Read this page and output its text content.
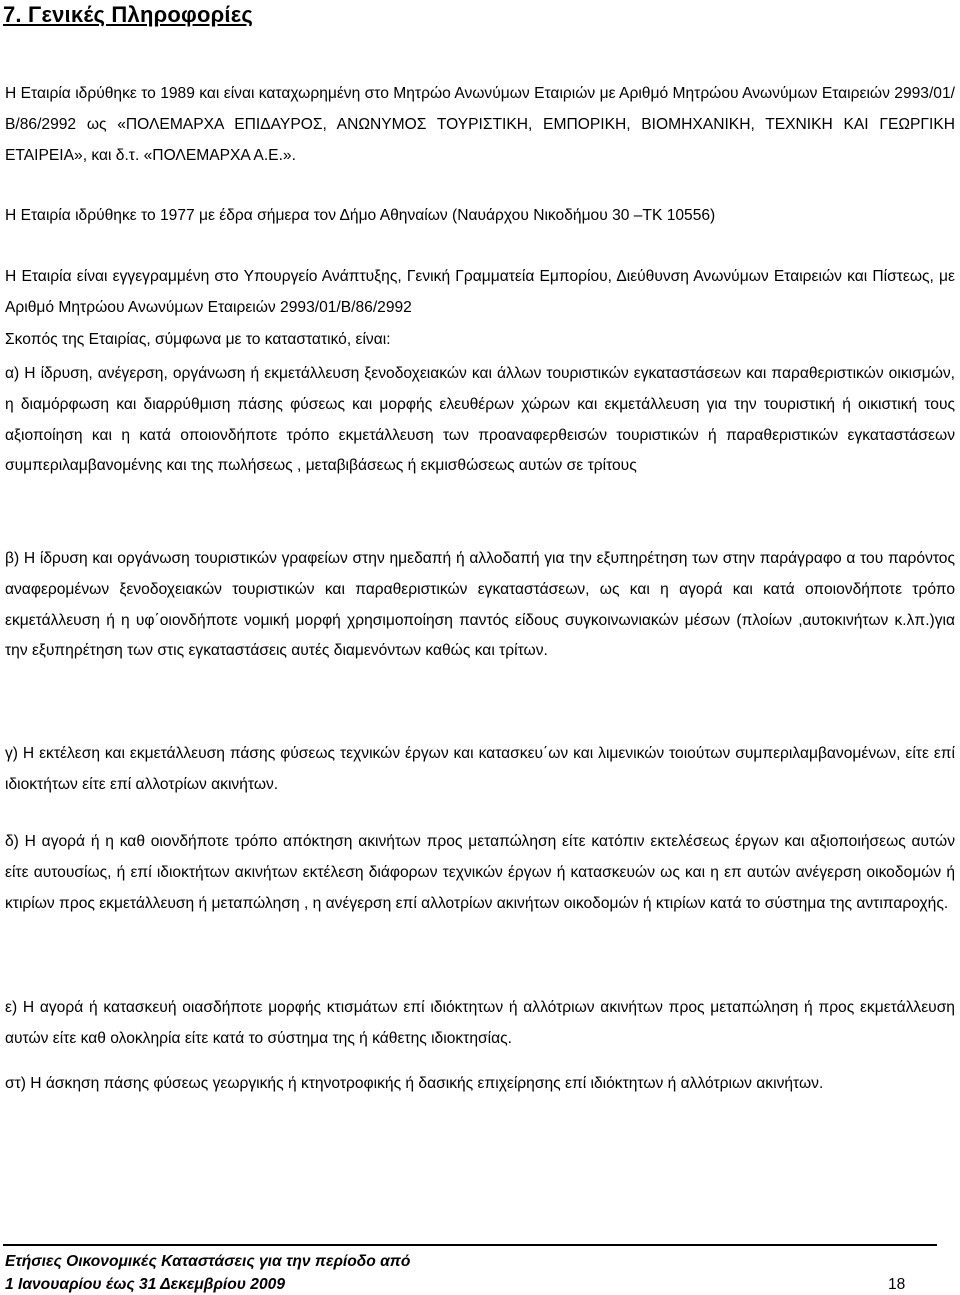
7. Γενικές Πληροφορίες

Η Εταιρία ιδρύθηκε το 1989 και είναι καταχωρημένη στο Μητρώο Ανωνύμων Εταιριών με Αριθμό Μητρώου Ανωνύμων Εταιρειών 2993/01/Β/86/2992 ως «ΠΟΛΕΜΑΡΧΑ ΕΠΙΔΑΥΡΟΣ, ΑΝΩΝΥΜΟΣ ΤΟΥΡΙΣΤΙΚΗ, ΕΜΠΟΡΙΚΗ, ΒΙΟΜΗΧΑΝΙΚΗ, ΤΕΧΝΙΚΗ ΚΑΙ ΓΕΩΡΓΙΚΗ ΕΤΑΙΡΕΙΑ», και δ.τ. «ΠΟΛΕΜΑΡΧΑ Α.Ε.».

Η Εταιρία ιδρύθηκε το 1977 με έδρα σήμερα τον Δήμο Αθηναίων (Ναυάρχου Νικοδήμου 30 –ΤΚ 10556)

Η Εταιρία είναι εγγεγραμμένη στο Υπουργείο Ανάπτυξης, Γενική Γραμματεία Εμπορίου, Διεύθυνση Ανωνύμων Εταιρειών και Πίστεως, με Αριθμό Μητρώου Ανωνύμων Εταιρειών 2993/01/Β/86/2992

Σκοπός της Εταιρίας, σύμφωνα με το καταστατικό, είναι:

α) Η ίδρυση, ανέγερση, οργάνωση ή εκμετάλλευση ξενοδοχειακών και άλλων τουριστικών εγκαταστάσεων και παραθεριστικών οικισμών, η διαμόρφωση και διαρρύθμιση πάσης φύσεως και μορφής ελευθέρων χώρων και εκμετάλλευση για την τουριστική ή οικιστική τους αξιοποίηση και η κατά οποιονδήποτε τρόπο εκμετάλλευση των προαναφερθεισών τουριστικών ή παραθεριστικών εγκαταστάσεων συμπεριλαμβανομένης και της πωλήσεως , μεταβιβάσεως ή εκμισθώσεως αυτών σε τρίτους

β) Η ίδρυση και οργάνωση τουριστικών γραφείων στην ημεδαπή ή αλλοδαπή για την εξυπηρέτηση των στην παράγραφο α του παρόντος αναφερομένων ξενοδοχειακών τουριστικών και παραθεριστικών εγκαταστάσεων, ως και η αγορά και κατά οποιονδήποτε τρόπο εκμετάλλευση ή η υφ΄οιονδήποτε νομική μορφή χρησιμοποίηση παντός είδους συγκοινωνιακών μέσων (πλοίων ,αυτοκινήτων κ.λπ.)για την εξυπηρέτηση των στις εγκαταστάσεις αυτές διαμενόντων καθώς και τρίτων.

γ) Η εκτέλεση και εκμετάλλευση πάσης φύσεως τεχνικών έργων και κατασκευ΄ων και λιμενικών τοιούτων συμπεριλαμβανομένων, είτε επί ιδιοκτήτων είτε επί αλλοτρίων ακινήτων.

δ) Η αγορά ή η καθ οιονδήποτε τρόπο απόκτηση ακινήτων προς μεταπώληση είτε κατόπιν εκτελέσεως έργων και αξιοποιήσεως αυτών είτε αυτουσίως, ή επί ιδιοκτήτων ακινήτων εκτέλεση διάφορων τεχνικών έργων ή κατασκευών ως και η επ αυτών ανέγερση οικοδομών ή κτιρίων προς εκμετάλλευση ή μεταπώληση , η ανέγερση επί αλλοτρίων ακινήτων οικοδομών ή κτιρίων κατά το σύστημα της αντιπαροχής.

ε) Η αγορά ή κατασκευή οιασδήποτε μορφής κτισμάτων επί ιδιόκτητων ή αλλότριων ακινήτων προς μεταπώληση ή προς εκμετάλλευση αυτών είτε καθ ολοκληρία είτε κατά το σύστημα της ή κάθετης ιδιοκτησίας.

στ) Η άσκηση πάσης φύσεως γεωργικής ή κτηνοτροφικής ή δασικής επιχείρησης επί ιδιόκτητων ή αλλότριων ακινήτων.

Ετήσιες Οικονομικές Καταστάσεις για την περίοδο από

1 Ιανουαρίου έως 31 Δεκεμβρίου 2009	18
